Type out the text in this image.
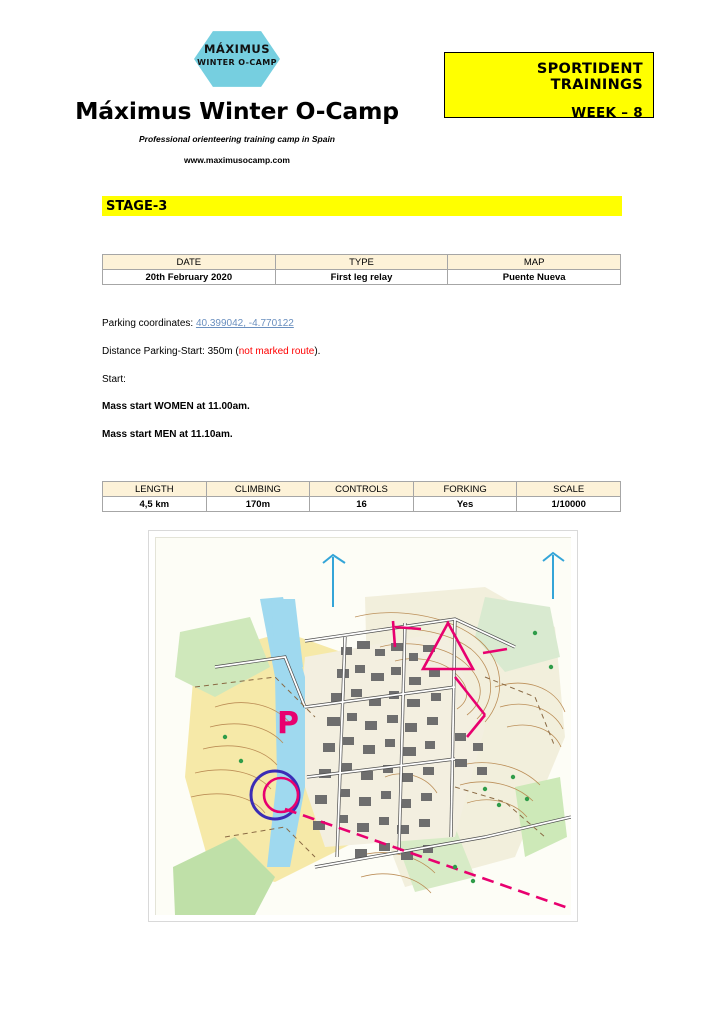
MÁXIMUS
WINTER O-CAMP
Máximus Winter O-Camp
Professional orienteering training camp in Spain
www.maximusocamp.com
SPORTIDENT TRAININGS
WEEK – 8
STAGE-3
DATE	TYPE	MAP
20th February 2020	First leg relay	Puente Nueva
Parking coordinates: 40.399042, -4.770122
Distance Parking-Start: 350m (not marked route).
Start:
Mass start WOMEN at 11.00am.
Mass start MEN at 11.10am.
LENGTH	CLIMBING	CONTROLS	FORKING	SCALE
4,5 km	170m	16	Yes	1/10000
P
